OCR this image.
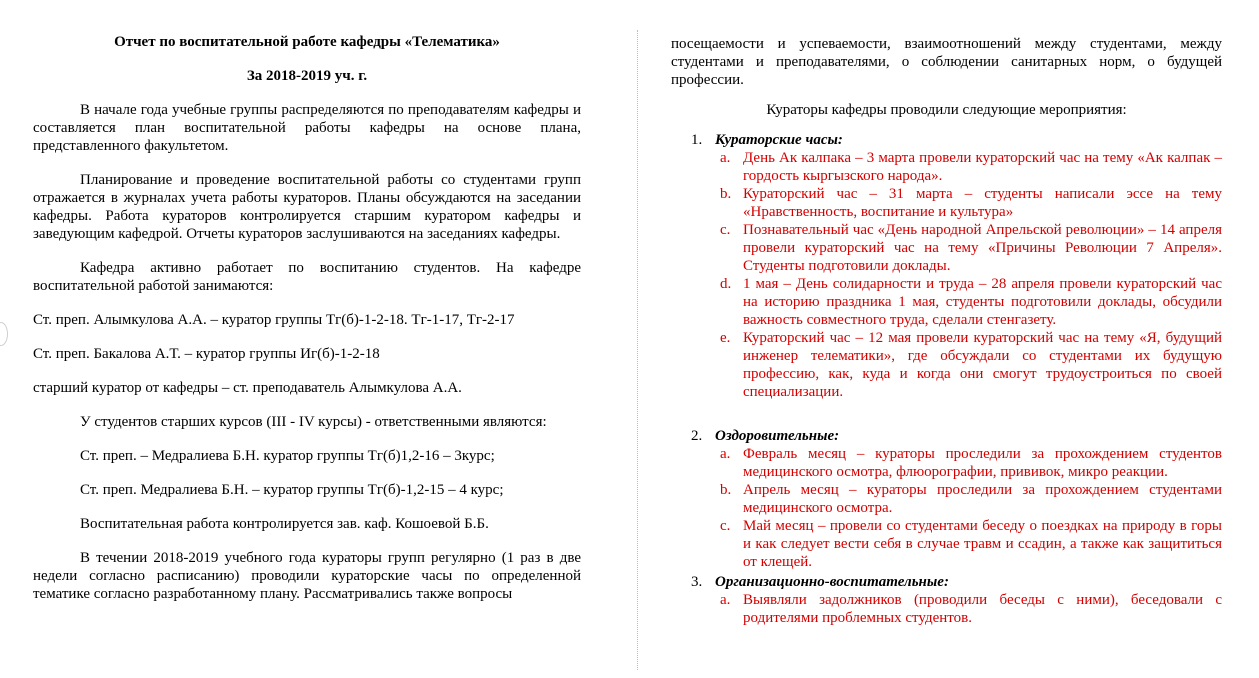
Отчет по воспитательной работе кафедры «Телематика»
За 2018-2019 уч. г.

В начале года учебные группы распределяются по преподавателям кафедры и составляется план воспитательной работы кафедры на основе плана, представленного факультетом.

Планирование и проведение воспитательной работы со студентами групп отражается в журналах учета работы кураторов. Планы обсуждаются на заседании кафедры. Работа кураторов контролируется старшим куратором кафедры и заведующим кафедрой. Отчеты кураторов заслушиваются на заседаниях кафедры.

Кафедра активно работает по воспитанию студентов. На кафедре воспитательной работой занимаются:

Ст. преп. Алымкулова А.А. – куратор группы Тг(б)-1-2-18. Тг-1-17, Тг-2-17

Ст. преп. Бакалова А.Т. – куратор группы Иг(б)-1-2-18

старший куратор от кафедры – ст. преподаватель Алымкулова А.А.

У студентов старших курсов (III - IV курсы) - ответственными являются:

Ст. преп. – Медралиева Б.Н. куратор группы Тг(б)1,2-16 – 3курс;

Ст. преп. Медралиева Б.Н. – куратор группы Тг(б)-1,2-15 – 4 курс;

Воспитательная работа контролируется зав. каф. Кошоевой Б.Б.

В течении 2018-2019 учебного года кураторы групп регулярно (1 раз в две недели согласно расписанию) проводили кураторские часы по определенной тематике согласно разработанному плану. Рассматривались также вопросы

посещаемости и успеваемости, взаимоотношений между студентами, между студентами и преподавателями, о соблюдении санитарных норм, о будущей профессии.
Кураторы кафедры проводили следующие мероприятия:
1. Кураторские часы:
a. День Ак калпака – 3 марта провели кураторский час на тему «Ак калпак – гордость кыргызского народа».
b. Кураторский час – 31 марта – студенты написали эссе на тему «Нравственность, воспитание и культура»
c. Познавательный час «День народной Апрельской революции» – 14 апреля провели кураторский час на тему «Причины Революции 7 Апреля». Студенты подготовили доклады.
d. 1 мая – День солидарности и труда – 28 апреля провели кураторский час на историю праздника 1 мая, студенты подготовили доклады, обсудили важность совместного труда, сделали стенгазету.
e. Кураторский час – 12 мая провели кураторский час на тему «Я, будущий инженер телематики», где обсуждали со студентами их будущую профессию, как, куда и когда они смогут трудоустроиться по своей специализации.
2. Оздоровительные:
a. Февраль месяц – кураторы проследили за прохождением студентов медицинского осмотра, флюорографии, прививок, микро реакции.
b. Апрель месяц – кураторы проследили за прохождением студентами медицинского осмотра.
c. Май месяц – провели со студентами беседу о поездках на природу в горы и как следует вести себя в случае травм и ссадин, а также как защититься от клещей.
3. Организационно-воспитательные:
a. Выявляли задолжников (проводили беседы с ними), беседовали с родителями проблемных студентов.
